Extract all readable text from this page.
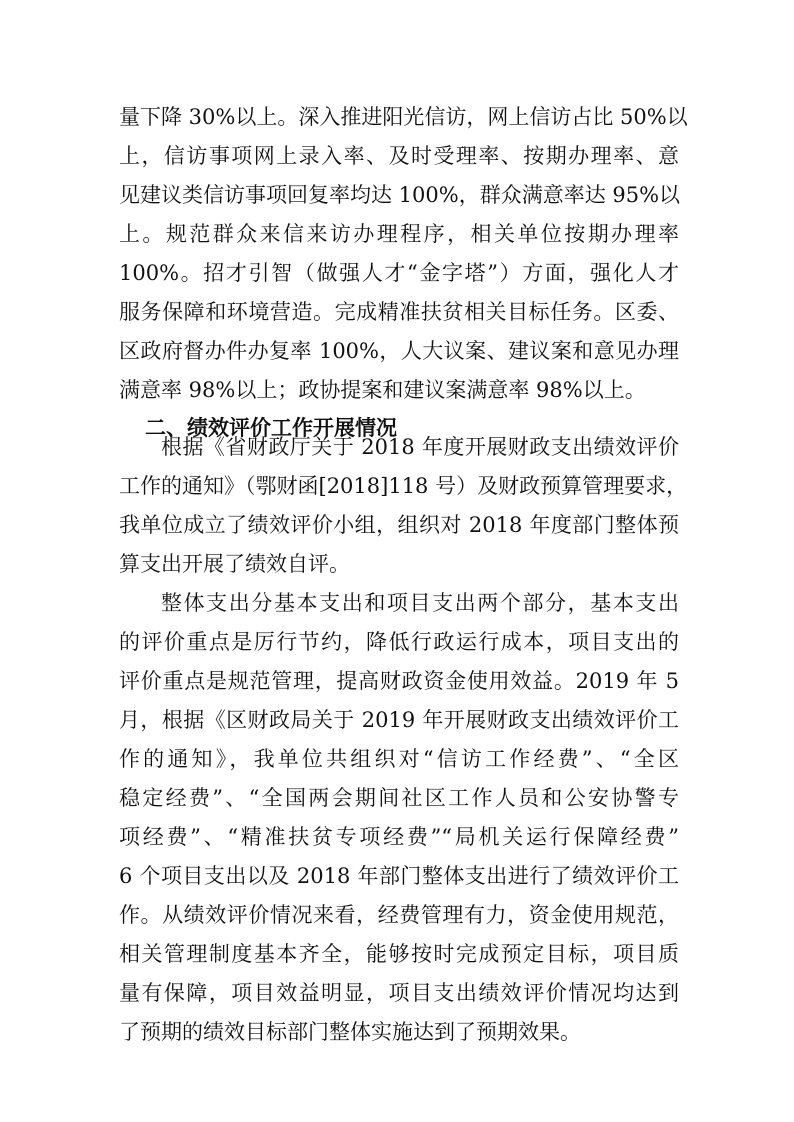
量下降 30%以上。深入推进阳光信访，网上信访占比 50%以
上，信访事项网上录入率、及时受理率、按期办理率、意
见建议类信访事项回复率均达 100%，群众满意率达 95%以
上。规范群众来信来访办理程序，相关单位按期办理率
100%。招才引智（做强人才“金字塔”）方面，强化人才
服务保障和环境营造。完成精准扶贫相关目标任务。区委、
区政府督办件办复率 100%，人大议案、建议案和意见办理
满意率 98%以上；政协提案和建议案满意率 98%以上。
二、绩效评价工作开展情况
根据《省财政厅关于 2018 年度开展财政支出绩效评价
工作的通知》（鄂财函[2018]118 号）及财政预算管理要求，
我单位成立了绩效评价小组，组织对 2018 年度部门整体预
算支出开展了绩效自评。
整体支出分基本支出和项目支出两个部分，基本支出
的评价重点是厉行节约，降低行政运行成本，项目支出的
评价重点是规范管理，提高财政资金使用效益。2019 年 5
月，根据《区财政局关于 2019 年开展财政支出绩效评价工
作的通知》，我单位共组织对“信访工作经费”、“全区
稳定经费”、“全国两会期间社区工作人员和公安协警专
项经费”、“精准扶贫专项经费”“局机关运行保障经费”
6 个项目支出以及 2018 年部门整体支出进行了绩效评价工
作。从绩效评价情况来看，经费管理有力，资金使用规范，
相关管理制度基本齐全，能够按时完成预定目标，项目质
量有保障，项目效益明显，项目支出绩效评价情况均达到
了预期的绩效目标部门整体实施达到了预期效果。
